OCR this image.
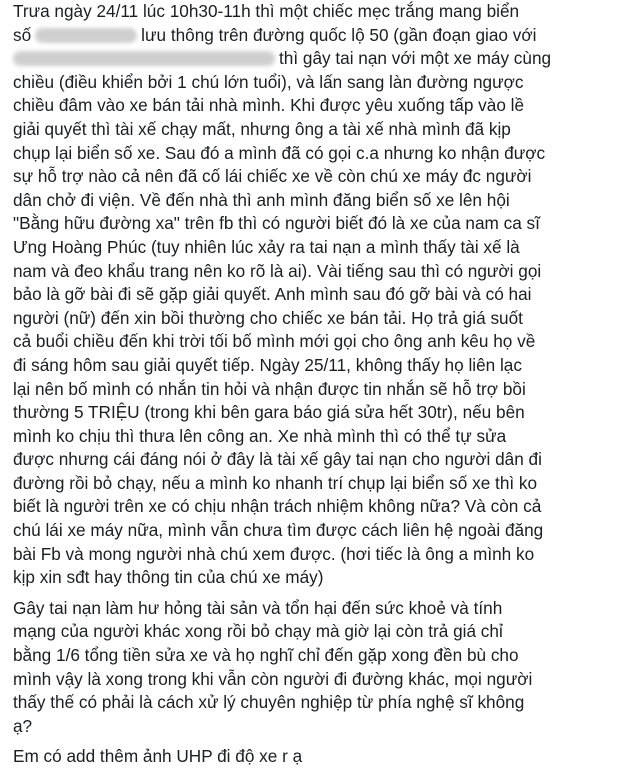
Trưa ngày 24/11 lúc 10h30-11h thì một chiếc mẹc trắng mang biển
số	lưu thông trên đường quốc lộ 50 (gần đoạn giao với
thì gây tai nạn với một xe máy cùng
chiều (điều khiển bởi 1 chú lớn tuổi), và lấn sang làn đường ngược
chiều đâm vào xe bán tải nhà mình. Khi được yêu xuống tấp vào lề
giải quyết thì tài xế chạy mất, nhưng ông a tài xế nhà mình đã kịp
chụp lại biển số xe. Sau đó a mình đã có gọi c.a nhưng ko nhận được
sự hỗ trợ nào cả nên đã cố lái chiếc xe về còn chú xe máy đc người
dân chở đi viện. Về đến nhà thì anh mình đăng biển số xe lên hội
"Bằng hữu đường xa" trên fb thì có người biết đó là xe của nam ca sĩ
Ưng Hoàng Phúc (tuy nhiên lúc xảy ra tai nạn a mình thấy tài xế là
nam và đeo khẩu trang nên ko rõ là ai). Vài tiếng sau thì có người gọi
bảo là gỡ bài đi sẽ gặp giải quyết. Anh mình sau đó gỡ bài và có hai
người (nữ) đến xin bồi thường cho chiếc xe bán tải. Họ trả giá suốt
cả buổi chiều đến khi trời tối bố mình mới gọi cho ông anh kêu họ về
đi sáng hôm sau giải quyết tiếp. Ngày 25/11, không thấy họ liên lạc
lại nên bố mình có nhắn tin hỏi và nhận được tin nhắn sẽ hỗ trợ bồi
thường 5 TRIỆU (trong khi bên gara báo giá sửa hết 30tr), nếu bên
mình ko chịu thì thưa lên công an. Xe nhà mình thì có thể tự sửa
được nhưng cái đáng nói ở đây là tài xế gây tai nạn cho người dân đi
đường rồi bỏ chạy, nếu a mình ko nhanh trí chụp lại biển số xe thì ko
biết là người trên xe có chịu nhận trách nhiệm không nữa? Và còn cả
chú lái xe máy nữa, mình vẫn chưa tìm được cách liên hệ ngoài đăng
bài Fb và mong người nhà chú xem được. (hơi tiếc là ông a mình ko
kịp xin sđt hay thông tin của chú xe máy)
Gây tai nạn làm hư hỏng tài sản và tổn hại đến sức khoẻ và tính
mạng của người khác xong rồi bỏ chạy mà giờ lại còn trả giá chỉ
bằng 1/6 tổng tiền sửa xe và họ nghĩ chỉ đến gặp xong đền bù cho
mình vậy là xong trong khi vẫn còn người đi đường khác, mọi người
thấy thế có phải là cách xử lý chuyên nghiệp từ phía nghệ sĩ không
ạ?
Em có add thêm ảnh UHP đi độ xe r ạ
